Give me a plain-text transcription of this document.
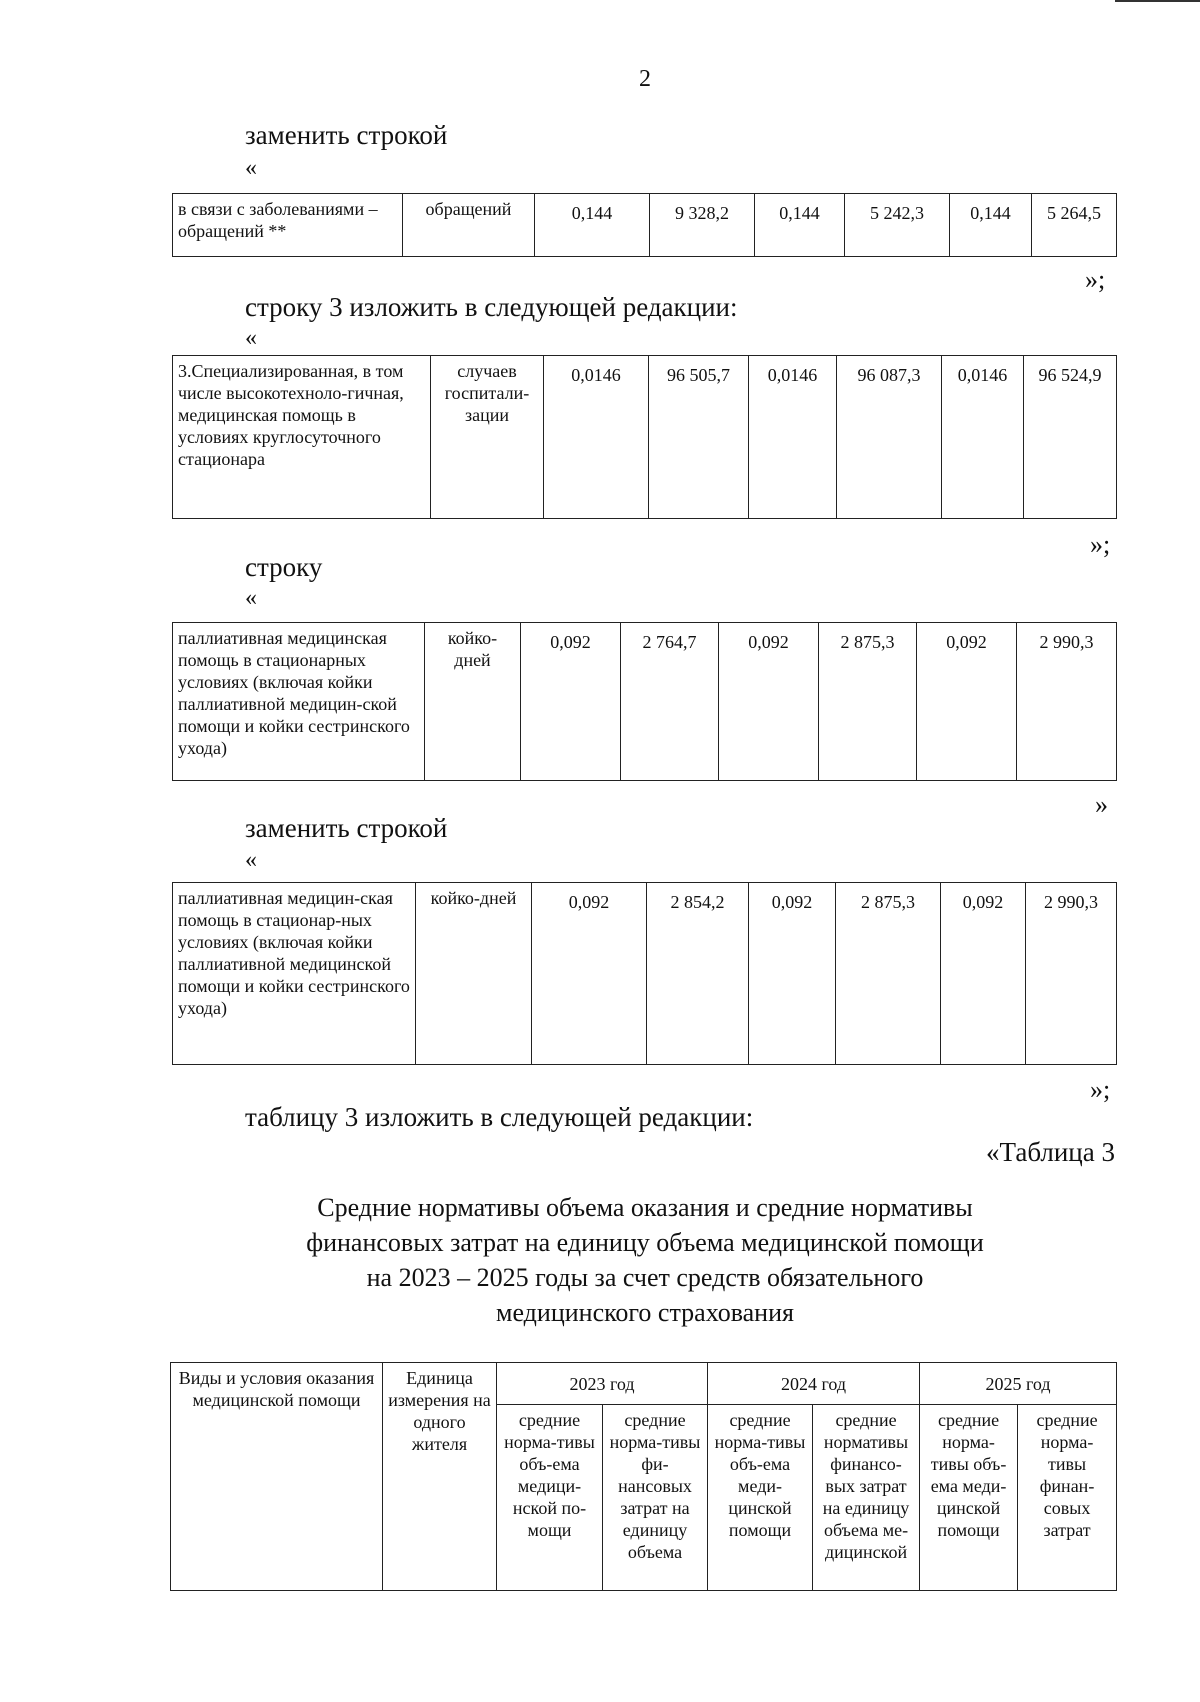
2
заменить строкой
«
в связи с заболеваниями – обращений **	обращений	0,144	9 328,2	0,144	5 242,3	0,144	5 264,5
»;
строку 3 изложить в следующей редакции:
«
3.Специализированная, в том числе высокотехноло-гичная, медицинская помощь в условиях круглосуточного стационара	случаев госпитали-зации	0,0146	96 505,7	0,0146	96 087,3	0,0146	96 524,9
»;
строку
«
паллиативная медицинская помощь в стационарных условиях (включая койки паллиативной медицин-ской помощи и койки сестринского ухода)	койко-дней	0,092	2 764,7	0,092	2 875,3	0,092	2 990,3
»
заменить строкой
«
паллиативная медицин-ская помощь в стационар-ных условиях (включая койки паллиативной медицинской помощи и койки сестринского ухода)	койко-дней	0,092	2 854,2	0,092	2 875,3	0,092	2 990,3
»;
таблицу 3 изложить в следующей редакции:
«Таблица 3
Средние нормативы объема оказания и средние нормативы
финансовых затрат на единицу объема медицинской помощи
на 2023 – 2025 годы за счет средств обязательного
медицинского страхования
Виды и условия оказания медицинской помощи	Единица измерения на одного жителя	2023 год		2024 год		2025 год	
		средние норма-тивы объ-ема медици-нской по-мощи	средние норма-тивы фи-нансовых затрат на единицу объема	средние норма-тивы объ-ема меди-цинской помощи	средние нормативы финансо-вых затрат на единицу объема ме-дицинской	средние норма-тивы объ-ема меди-цинской помощи	средние норма-тивы финан-совых затрат
